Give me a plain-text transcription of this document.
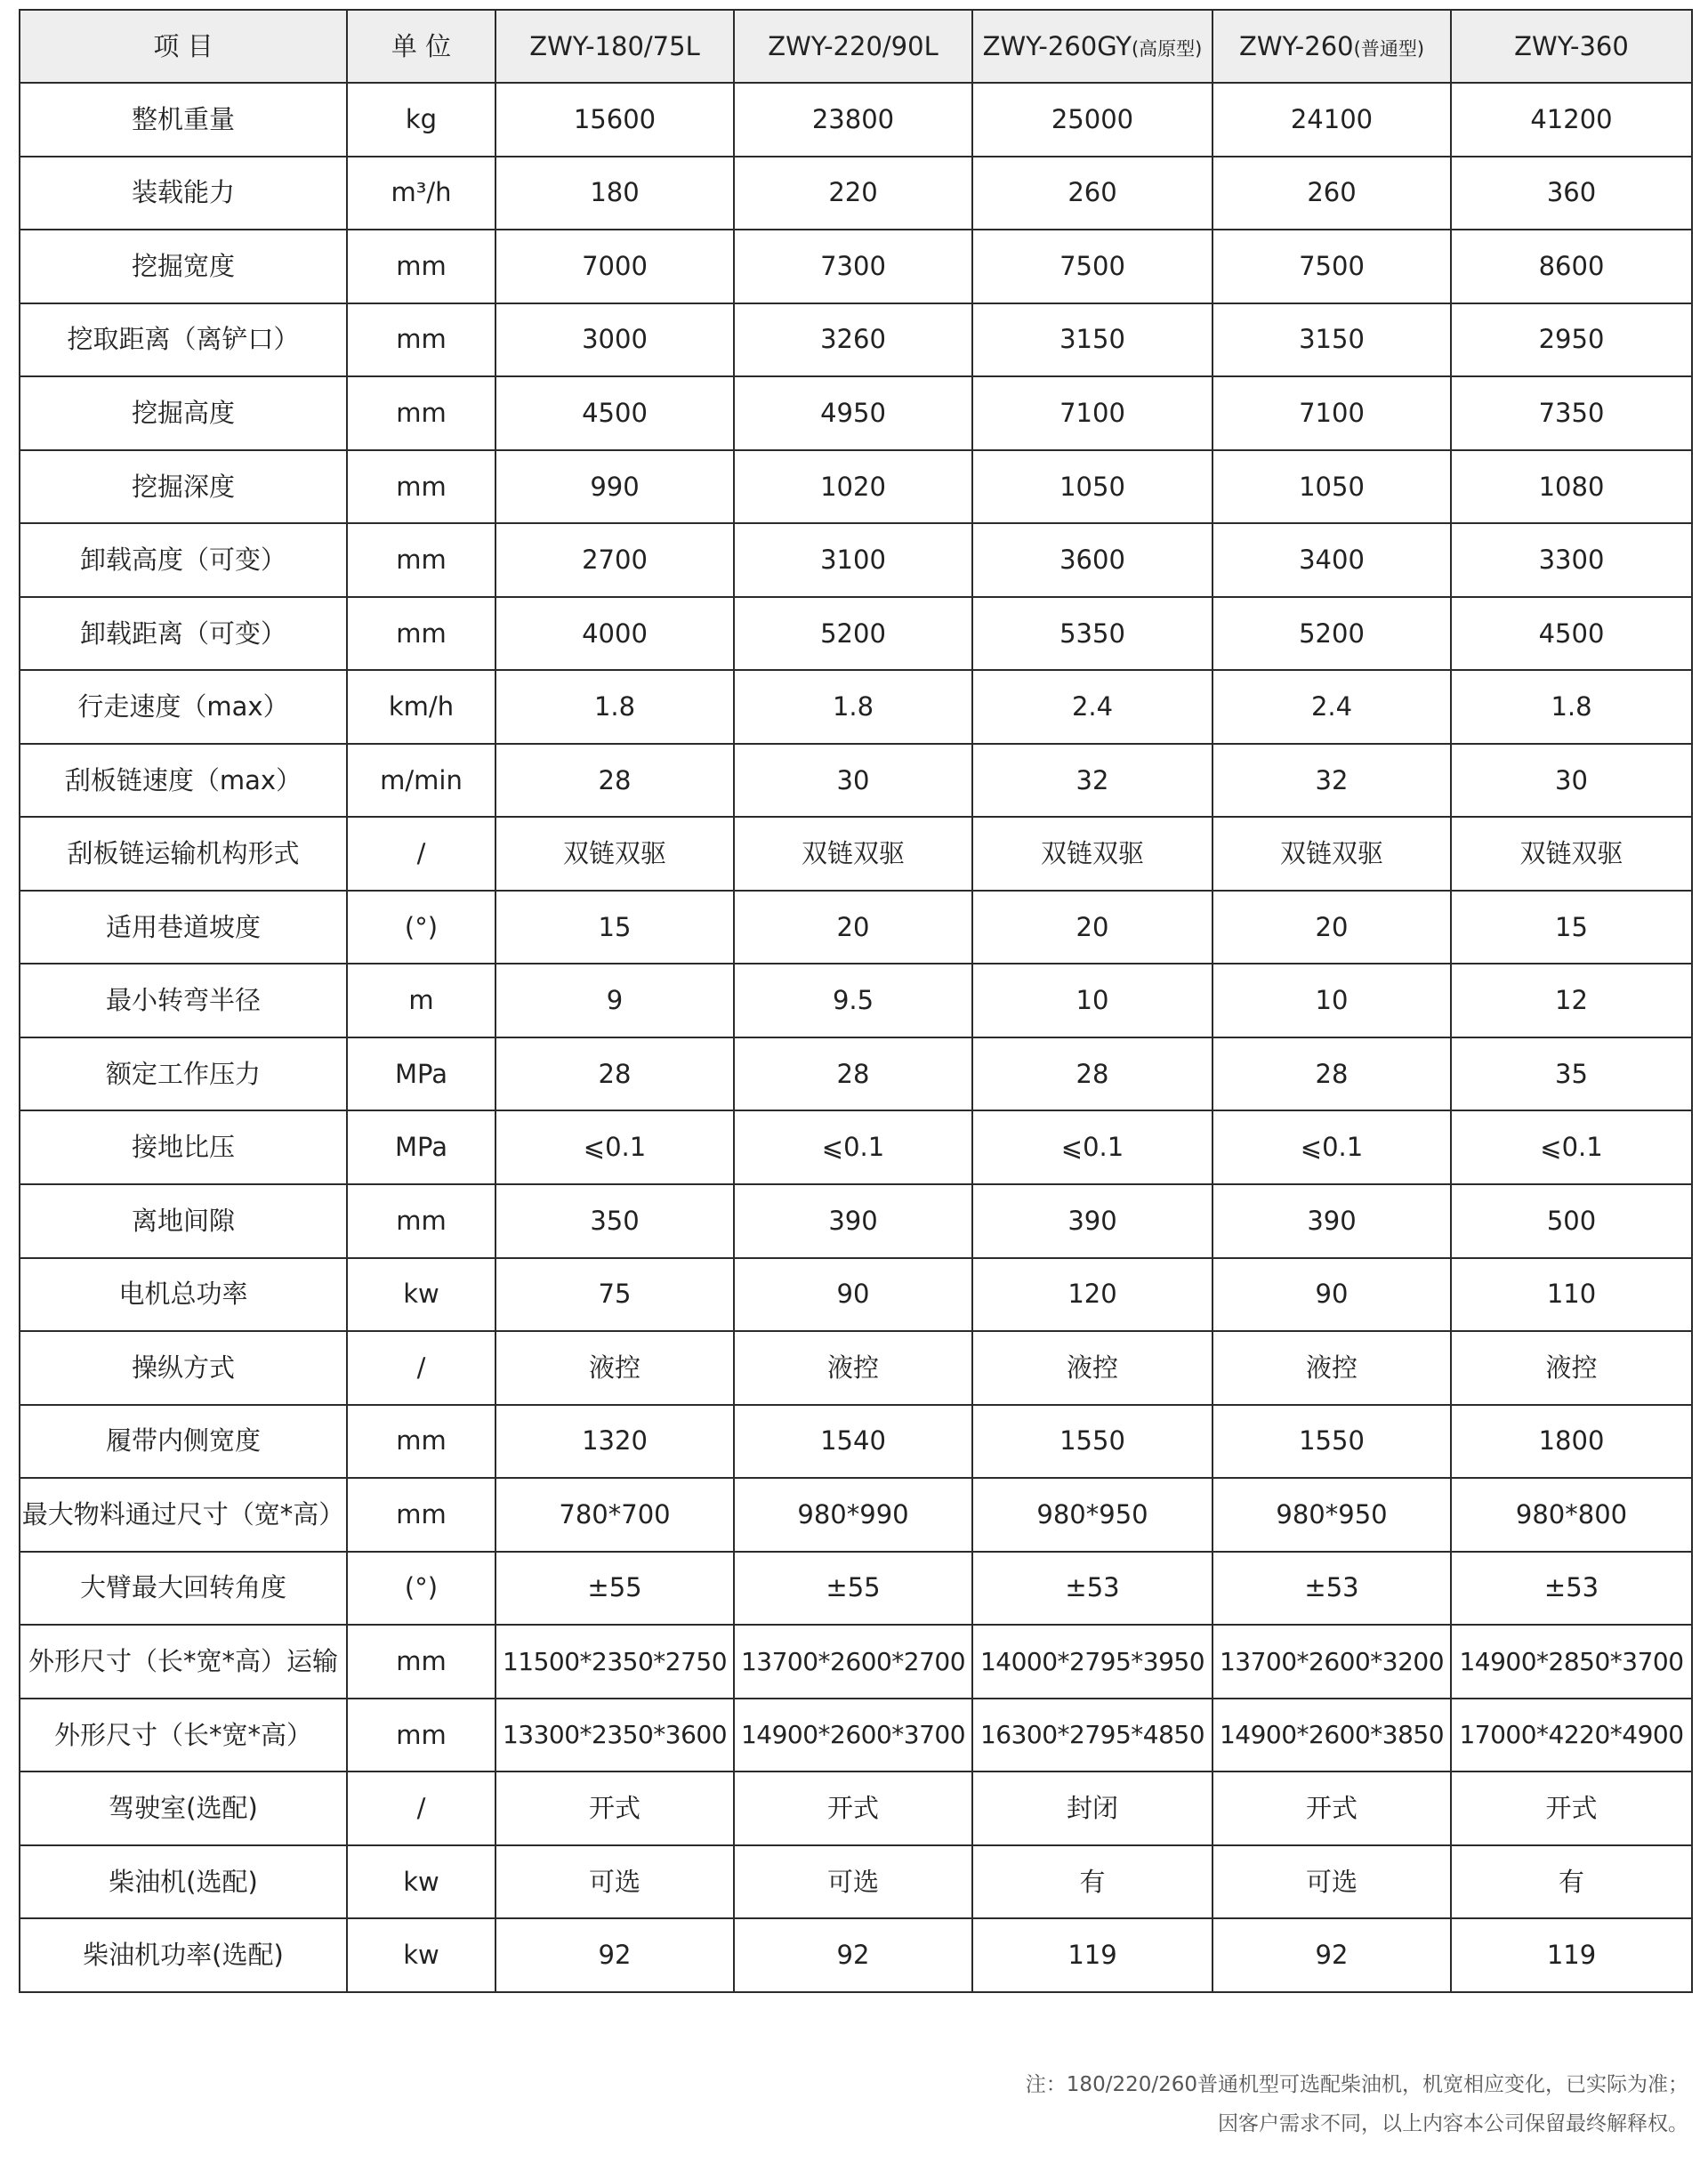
项 目	单 位	ZWY-180/75L	ZWY-220/90L	ZWY-260GY(高原型)	ZWY-260(普通型)	ZWY-360
整机重量	kg	15600	23800	25000	24100	41200
装载能力	m³/h	180	220	260	260	360
挖掘宽度	mm	7000	7300	7500	7500	8600
挖取距离（离铲口）	mm	3000	3260	3150	3150	2950
挖掘高度	mm	4500	4950	7100	7100	7350
挖掘深度	mm	990	1020	1050	1050	1080
卸载高度（可变）	mm	2700	3100	3600	3400	3300
卸载距离（可变）	mm	4000	5200	5350	5200	4500
行走速度（max）	km/h	1.8	1.8	2.4	2.4	1.8
刮板链速度（max）	m/min	28	30	32	32	30
刮板链运输机构形式	/	双链双驱	双链双驱	双链双驱	双链双驱	双链双驱
适用巷道坡度	(°)	15	20	20	20	15
最小转弯半径	m	9	9.5	10	10	12
额定工作压力	MPa	28	28	28	28	35
接地比压	MPa	⩽0.1	⩽0.1	⩽0.1	⩽0.1	⩽0.1
离地间隙	mm	350	390	390	390	500
电机总功率	kw	75	90	120	90	110
操纵方式	/	液控	液控	液控	液控	液控
履带内侧宽度	mm	1320	1540	1550	1550	1800
最大物料通过尺寸（宽*高）	mm	780*700	980*990	980*950	980*950	980*800
大臂最大回转角度	(°)	±55	±55	±53	±53	±53
外形尺寸（长*宽*高）运输	mm	11500*2350*2750	13700*2600*2700	14000*2795*3950	13700*2600*3200	14900*2850*3700
外形尺寸（长*宽*高）	mm	13300*2350*3600	14900*2600*3700	16300*2795*4850	14900*2600*3850	17000*4220*4900
驾驶室(选配)	/	开式	开式	封闭	开式	开式
柴油机(选配)	kw	可选	可选	有	可选	有
柴油机功率(选配)	kw	92	92	119	92	119
注：180/220/260普通机型可选配柴油机，机宽相应变化，已实际为准；
因客户需求不同，以上内容本公司保留最终解释权。
